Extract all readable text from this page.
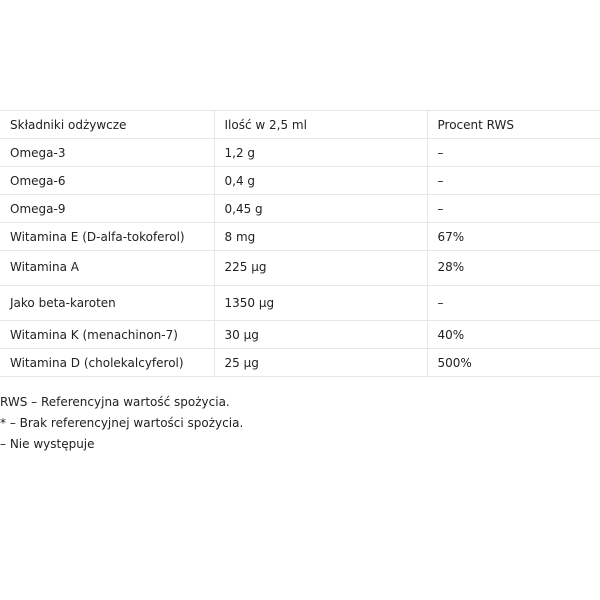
Składniki odżywcze	Ilość w 2,5 ml	Procent RWS
Omega-3	1,2 g	–
Omega-6	0,4 g	–
Omega-9	0,45 g	–
Witamina E (D-alfa-tokoferol)	8 mg	67%
Witamina A	225 µg	28%
Jako beta-karoten	1350 µg	–
Witamina K (menachinon-7)	30 µg	40%
Witamina D (cholekalcyferol)	25 µg	500%
RWS – Referencyjna wartość spożycia.
* – Brak referencyjnej wartości spożycia.
– Nie występuje
